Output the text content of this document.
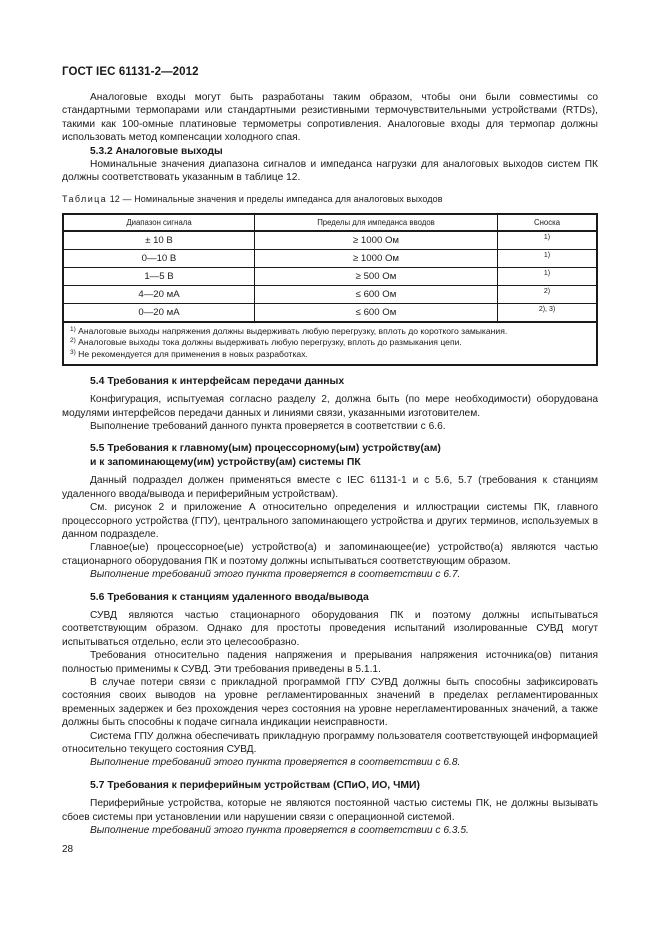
ГОСТ IEC 61131-2—2012

Аналоговые входы могут быть разработаны таким образом, чтобы они были совместимы со стандартными термопарами или стандартными резистивными термочувствительными устройствами (RTDs), такими как 100-омные платиновые термометры сопротивления. Аналоговые входы для термопар должны использовать метод компенсации холодного спая.

5.3.2 Аналоговые выходы

Номинальные значения диапазона сигналов и импеданса нагрузки для аналоговых выходов систем ПК должны соответствовать указанным в таблице 12.

Таблица 12 — Номинальные значения и пределы импеданса для аналоговых выходов
Диапазон сигнала	Пределы для импеданса вводов	Сноска
± 10 В	≥ 1000 Ом	1)
0—10 В	≥ 1000 Ом	1)
1—5 В	≥ 500 Ом	1)
4—20 мА	≤ 600 Ом	2)
0—20 мА	≤ 600 Ом	2), 3)

$^{1)}$ Аналоговые выходы напряжения должны выдерживать любую перегрузку, вплоть до короткого замыкания.
$^{2)}$ Аналоговые выходы тока должны выдерживать любую перегрузку, вплоть до размыкания цепи.
$^{3)}$ Не рекомендуется для применения в новых разработках.		
5.4 Требования к интерфейсам передачи данных

Конфигурация, испытуемая согласно разделу 2, должна быть (по мере необходимости) оборудована модулями интерфейсов передачи данных и линиями связи, указанными изготовителем.

Выполнение требований данного пункта проверяется в соответствии с 6.6.

5.5 Требования к главному(ым) процессорному(ым) устройству(ам)
и к запоминающему(им) устройству(ам) системы ПК

Данный подраздел должен применяться вместе с IEC 61131-1 и с 5.6, 5.7 (требования к станциям удаленного ввода/вывода и периферийным устройствам).

См. рисунок 2 и приложение А относительно определения и иллюстрации системы ПК, главного процессорного устройства (ГПУ), центрального запоминающего устройства и других терминов, используемых в данном подразделе.

Главное(ые) процессорное(ые) устройство(а) и запоминающее(ие) устройство(а) являются частью стационарного оборудования ПК и поэтому должны испытываться соответствующим образом.

Выполнение требований этого пункта проверяется в соответствии с 6.7.

5.6 Требования к станциям удаленного ввода/вывода

СУВД являются частью стационарного оборудования ПК и поэтому должны испытываться соответствующим образом. Однако для простоты проведения испытаний изолированные СУВД могут испытываться отдельно, если это целесообразно.

Требования относительно падения напряжения и прерывания напряжения источника(ов) питания полностью применимы к СУВД. Эти требования приведены в 5.1.1.

В случае потери связи с прикладной программой ГПУ СУВД должны быть способны зафиксировать состояния своих выводов на уровне регламентированных значений в пределах регламентированных временных задержек и без прохождения через состояния на уровне нерегламентированных значений, а также должны быть способны к подаче сигнала индикации неисправности.

Система ГПУ должна обеспечивать прикладную программу пользователя соответствующей информацией относительно текущего состояния СУВД.

Выполнение требований этого пункта проверяется в соответствии с 6.8.

5.7 Требования к периферийным устройствам (СПиО, ИО, ЧМИ)

Периферийные устройства, которые не являются постоянной частью системы ПК, не должны вызывать сбоев системы при установлении или нарушении связи с операционной системой.

Выполнение требований этого пункта проверяется в соответствии с 6.3.5.

28
